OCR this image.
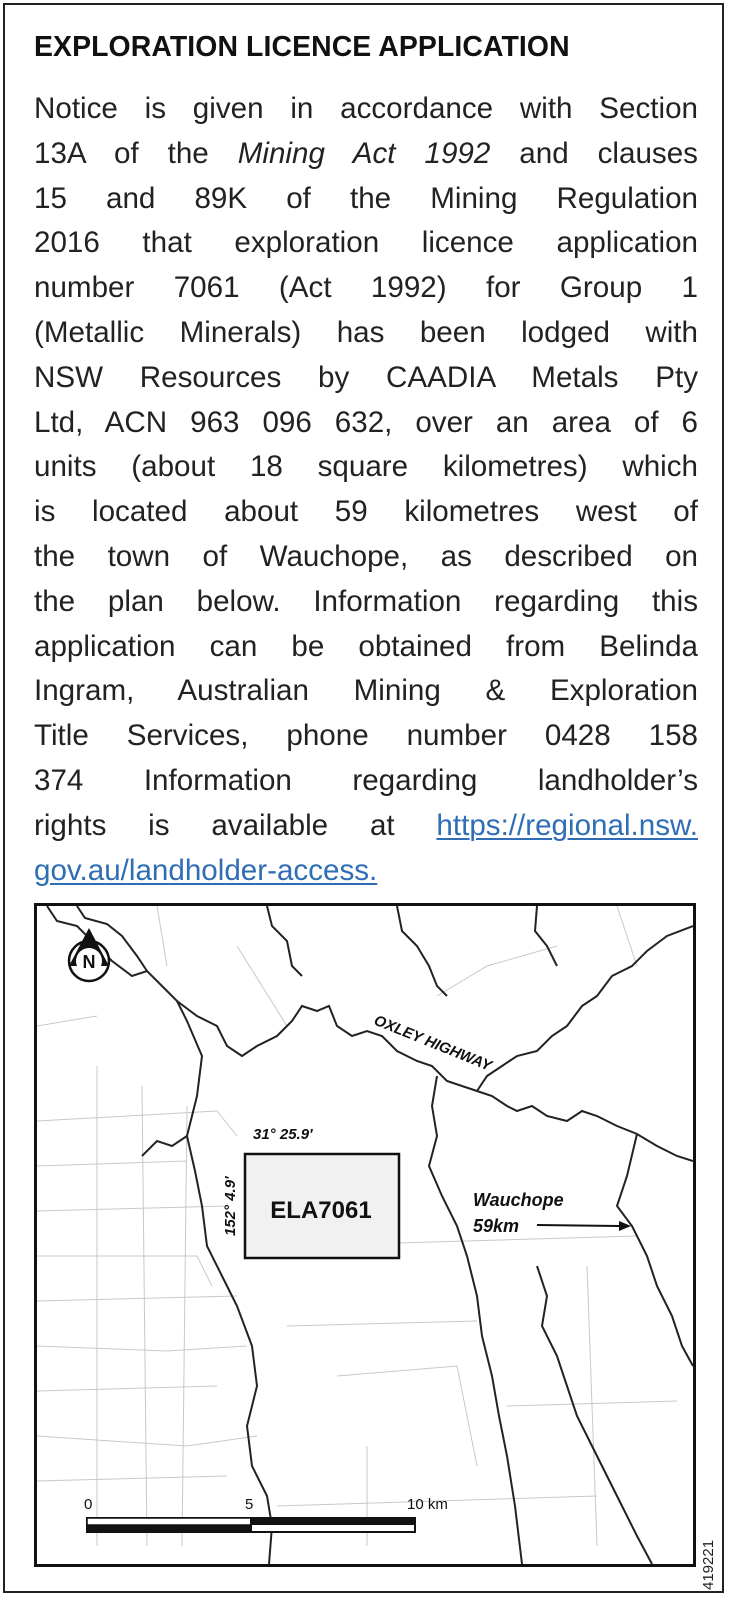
EXPLORATION LICENCE APPLICATION
Notice is given in accordance with Section
13A of the Mining Act 1992 and clauses
15 and 89K of the Mining Regulation
2016 that exploration licence application
number 7061 (Act 1992) for Group 1
(Metallic Minerals) has been lodged with
NSW Resources by CAADIA Metals Pty
Ltd, ACN 963 096 632, over an area of 6
units (about 18 square kilometres) which
is located about 59 kilometres west of
the town of Wauchope, as described on
the plan below. Information regarding this
application can be obtained from Belinda
Ingram, Australian Mining & Exploration
Title Services, phone number 0428 158
374 Information regarding landholder’s
rights is available at https://regional.nsw.
gov.au/landholder-access.
N
OXLEY HIGHWAY
ELA7061
31° 25.9'
152° 4.9'	Wauchope
59km
0	5	10 km
419221
